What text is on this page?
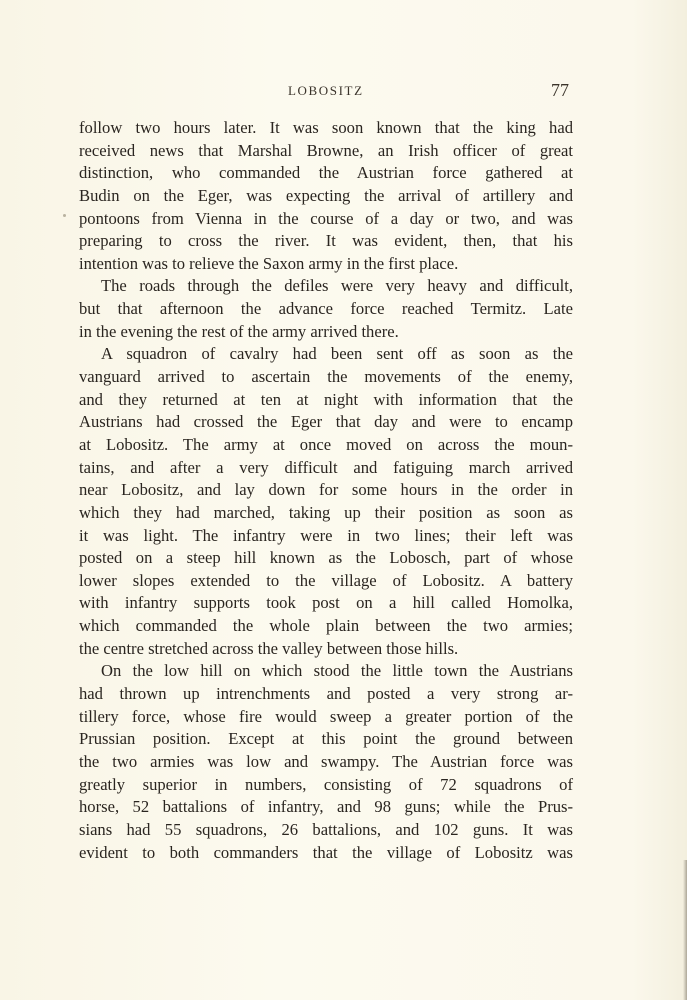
LOBOSITZ	77
follow two hours later. It was soon known that the king had
received news that Marshal Browne, an Irish officer of great
distinction, who commanded the Austrian force gathered at
Budin on the Eger, was expecting the arrival of artillery and
pontoons from Vienna in the course of a day or two, and was
preparing to cross the river. It was evident, then, that his
intention was to relieve the Saxon army in the first place.
The roads through the defiles were very heavy and difficult,
but that afternoon the advance force reached Termitz. Late
in the evening the rest of the army arrived there.
A squadron of cavalry had been sent off as soon as the
vanguard arrived to ascertain the movements of the enemy,
and they returned at ten at night with information that the
Austrians had crossed the Eger that day and were to encamp
at Lobositz. The army at once moved on across the moun-
tains, and after a very difficult and fatiguing march arrived
near Lobositz, and lay down for some hours in the order in
which they had marched, taking up their position as soon as
it was light. The infantry were in two lines; their left was
posted on a steep hill known as the Lobosch, part of whose
lower slopes extended to the village of Lobositz. A battery
with infantry supports took post on a hill called Homolka,
which commanded the whole plain between the two armies;
the centre stretched across the valley between those hills.
On the low hill on which stood the little town the Austrians
had thrown up intrenchments and posted a very strong ar-
tillery force, whose fire would sweep a greater portion of the
Prussian position. Except at this point the ground between
the two armies was low and swampy. The Austrian force was
greatly superior in numbers, consisting of 72 squadrons of
horse, 52 battalions of infantry, and 98 guns; while the Prus-
sians had 55 squadrons, 26 battalions, and 102 guns. It was
evident to both commanders that the village of Lobositz was
